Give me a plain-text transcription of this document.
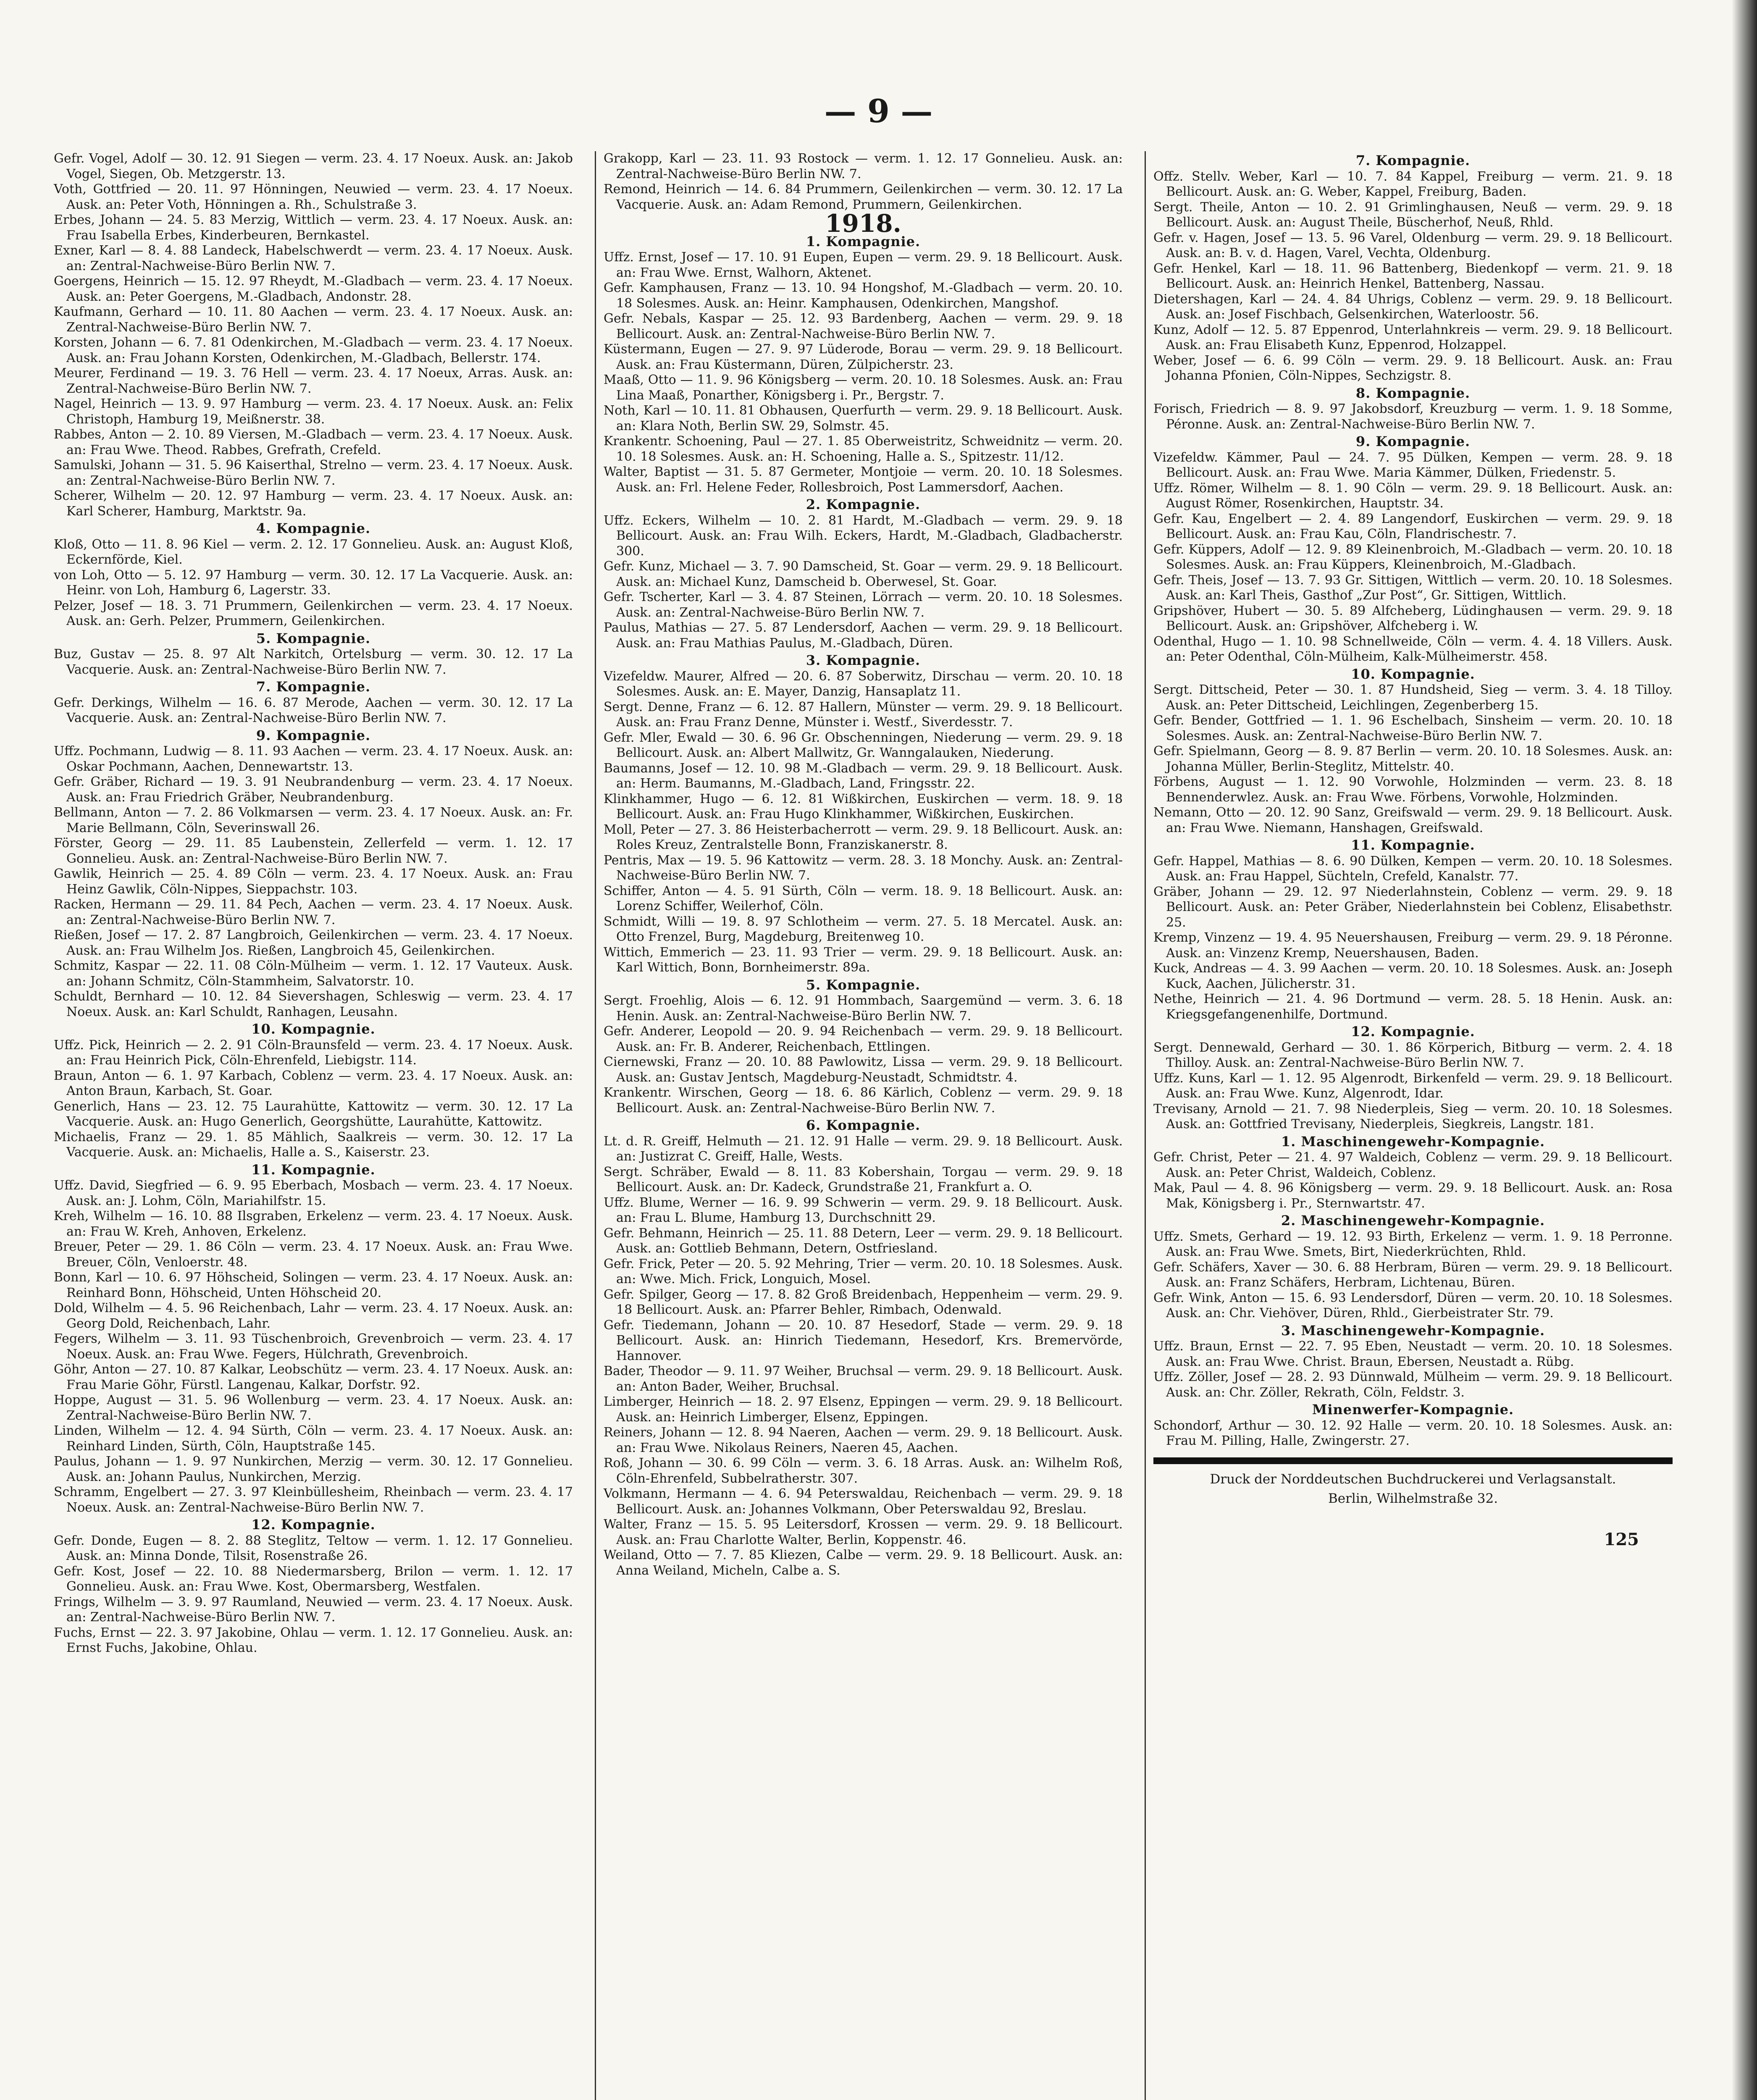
— 9 —
Gefr. Vogel, Adolf — 30. 12. 91 Siegen — verm. 23. 4. 17 Noeux. Ausk. an: Jakob Vogel, Siegen, Ob. Metzgerstr. 13.
Voth, Gottfried — 20. 11. 97 Hönningen, Neuwied — verm. 23. 4. 17 Noeux. Ausk. an: Peter Voth, Hönningen a. Rh., Schulstraße 3.
Erbes, Johann — 24. 5. 83 Merzig, Wittlich — verm. 23. 4. 17 Noeux. Ausk. an: Frau Isabella Erbes, Kinderbeuren, Bernkastel.
Exner, Karl — 8. 4. 88 Landeck, Habelschwerdt — verm. 23. 4. 17 Noeux. Ausk. an: Zentral-Nachweise-Büro Berlin NW. 7.
Goergens, Heinrich — 15. 12. 97 Rheydt, M.-Gladbach — verm. 23. 4. 17 Noeux. Ausk. an: Peter Goergens, M.-Gladbach, Andonstr. 28.
Kaufmann, Gerhard — 10. 11. 80 Aachen — verm. 23. 4. 17 Noeux. Ausk. an: Zentral-Nachweise-Büro Berlin NW. 7.
Korsten, Johann — 6. 7. 81 Odenkirchen, M.-Gladbach — verm. 23. 4. 17 Noeux. Ausk. an: Frau Johann Korsten, Odenkirchen, M.-Gladbach, Bellerstr. 174.
Meurer, Ferdinand — 19. 3. 76 Hell — verm. 23. 4. 17 Noeux, Arras. Ausk. an: Zentral-Nachweise-Büro Berlin NW. 7.
Nagel, Heinrich — 13. 9. 97 Hamburg — verm. 23. 4. 17 Noeux. Ausk. an: Felix Christoph, Hamburg 19, Meißnerstr. 38.
Rabbes, Anton — 2. 10. 89 Viersen, M.-Gladbach — verm. 23. 4. 17 Noeux. Ausk. an: Frau Wwe. Theod. Rabbes, Grefrath, Crefeld.
Samulski, Johann — 31. 5. 96 Kaiserthal, Strelno — verm. 23. 4. 17 Noeux. Ausk. an: Zentral-Nachweise-Büro Berlin NW. 7.
Scherer, Wilhelm — 20. 12. 97 Hamburg — verm. 23. 4. 17 Noeux. Ausk. an: Karl Scherer, Hamburg, Marktstr. 9a.
4. Kompagnie.
Kloß, Otto — 11. 8. 96 Kiel — verm. 2. 12. 17 Gonnelieu. Ausk. an: August Kloß, Eckernförde, Kiel.
von Loh, Otto — 5. 12. 97 Hamburg — verm. 30. 12. 17 La Vacquerie. Ausk. an: Heinr. von Loh, Hamburg 6, Lagerstr. 33.
Pelzer, Josef — 18. 3. 71 Prummern, Geilenkirchen — verm. 23. 4. 17 Noeux. Ausk. an: Gerh. Pelzer, Prummern, Geilenkirchen.
5. Kompagnie.
Buz, Gustav — 25. 8. 97 Alt Narkitch, Ortelsburg — verm. 30. 12. 17 La Vacquerie. Ausk. an: Zentral-Nachweise-Büro Berlin NW. 7.
7. Kompagnie.
Gefr. Derkings, Wilhelm — 16. 6. 87 Merode, Aachen — verm. 30. 12. 17 La Vacquerie. Ausk. an: Zentral-Nachweise-Büro Berlin NW. 7.
9. Kompagnie.
Uffz. Pochmann, Ludwig — 8. 11. 93 Aachen — verm. 23. 4. 17 Noeux. Ausk. an: Oskar Pochmann, Aachen, Dennewartstr. 13.
Gefr. Gräber, Richard — 19. 3. 91 Neubrandenburg — verm. 23. 4. 17 Noeux. Ausk. an: Frau Friedrich Gräber, Neubrandenburg.
Bellmann, Anton — 7. 2. 86 Volkmarsen — verm. 23. 4. 17 Noeux. Ausk. an: Fr. Marie Bellmann, Cöln, Severinswall 26.
Förster, Georg — 29. 11. 85 Laubenstein, Zellerfeld — verm. 1. 12. 17 Gonnelieu. Ausk. an: Zentral-Nachweise-Büro Berlin NW. 7.
Gawlik, Heinrich — 25. 4. 89 Cöln — verm. 23. 4. 17 Noeux. Ausk. an: Frau Heinz Gawlik, Cöln-Nippes, Sieppachstr. 103.
Racken, Hermann — 29. 11. 84 Pech, Aachen — verm. 23. 4. 17 Noeux. Ausk. an: Zentral-Nachweise-Büro Berlin NW. 7.
Rießen, Josef — 17. 2. 87 Langbroich, Geilenkirchen — verm. 23. 4. 17 Noeux. Ausk. an: Frau Wilhelm Jos. Rießen, Langbroich 45, Geilenkirchen.
Schmitz, Kaspar — 22. 11. 08 Cöln-Mülheim — verm. 1. 12. 17 Vauteux. Ausk. an: Johann Schmitz, Cöln-Stammheim, Salvatorstr. 10.
Schuldt, Bernhard — 10. 12. 84 Sievershagen, Schleswig — verm. 23. 4. 17 Noeux. Ausk. an: Karl Schuldt, Ranhagen, Leusahn.
10. Kompagnie.
Uffz. Pick, Heinrich — 2. 2. 91 Cöln-Braunsfeld — verm. 23. 4. 17 Noeux. Ausk. an: Frau Heinrich Pick, Cöln-Ehrenfeld, Liebigstr. 114.
Braun, Anton — 6. 1. 97 Karbach, Coblenz — verm. 23. 4. 17 Noeux. Ausk. an: Anton Braun, Karbach, St. Goar.
Generlich, Hans — 23. 12. 75 Laurahütte, Kattowitz — verm. 30. 12. 17 La Vacquerie. Ausk. an: Hugo Generlich, Georgshütte, Laurahütte, Kattowitz.
Michaelis, Franz — 29. 1. 85 Mählich, Saalkreis — verm. 30. 12. 17 La Vacquerie. Ausk. an: Michaelis, Halle a. S., Kaiserstr. 23.
11. Kompagnie.
Uffz. David, Siegfried — 6. 9. 95 Eberbach, Mosbach — verm. 23. 4. 17 Noeux. Ausk. an: J. Lohm, Cöln, Mariahilfstr. 15.
Kreh, Wilhelm — 16. 10. 88 Ilsgraben, Erkelenz — verm. 23. 4. 17 Noeux. Ausk. an: Frau W. Kreh, Anhoven, Erkelenz.
Breuer, Peter — 29. 1. 86 Cöln — verm. 23. 4. 17 Noeux. Ausk. an: Frau Wwe. Breuer, Cöln, Venloerstr. 48.
Bonn, Karl — 10. 6. 97 Höhscheid, Solingen — verm. 23. 4. 17 Noeux. Ausk. an: Reinhard Bonn, Höhscheid, Unten Höhscheid 20.
Dold, Wilhelm — 4. 5. 96 Reichenbach, Lahr — verm. 23. 4. 17 Noeux. Ausk. an: Georg Dold, Reichenbach, Lahr.
Fegers, Wilhelm — 3. 11. 93 Tüschenbroich, Grevenbroich — verm. 23. 4. 17 Noeux. Ausk. an: Frau Wwe. Fegers, Hülchrath, Grevenbroich.
Göhr, Anton — 27. 10. 87 Kalkar, Leobschütz — verm. 23. 4. 17 Noeux. Ausk. an: Frau Marie Göhr, Fürstl. Langenau, Kalkar, Dorfstr. 92.
Hoppe, August — 31. 5. 96 Wollenburg — verm. 23. 4. 17 Noeux. Ausk. an: Zentral-Nachweise-Büro Berlin NW. 7.
Linden, Wilhelm — 12. 4. 94 Sürth, Cöln — verm. 23. 4. 17 Noeux. Ausk. an: Reinhard Linden, Sürth, Cöln, Hauptstraße 145.
Paulus, Johann — 1. 9. 97 Nunkirchen, Merzig — verm. 30. 12. 17 Gonnelieu. Ausk. an: Johann Paulus, Nunkirchen, Merzig.
Schramm, Engelbert — 27. 3. 97 Kleinbüllesheim, Rheinbach — verm. 23. 4. 17 Noeux. Ausk. an: Zentral-Nachweise-Büro Berlin NW. 7.
12. Kompagnie.
Gefr. Donde, Eugen — 8. 2. 88 Steglitz, Teltow — verm. 1. 12. 17 Gonnelieu. Ausk. an: Minna Donde, Tilsit, Rosenstraße 26.
Gefr. Kost, Josef — 22. 10. 88 Niedermarsberg, Brilon — verm. 1. 12. 17 Gonnelieu. Ausk. an: Frau Wwe. Kost, Obermarsberg, Westfalen.
Frings, Wilhelm — 3. 9. 97 Raumland, Neuwied — verm. 23. 4. 17 Noeux. Ausk. an: Zentral-Nachweise-Büro Berlin NW. 7.
Fuchs, Ernst — 22. 3. 97 Jakobine, Ohlau — verm. 1. 12. 17 Gonnelieu. Ausk. an: Ernst Fuchs, Jakobine, Ohlau.
Grakopp, Karl — 23. 11. 93 Rostock — verm. 1. 12. 17 Gonnelieu. Ausk. an: Zentral-Nachweise-Büro Berlin NW. 7.
Remond, Heinrich — 14. 6. 84 Prummern, Geilenkirchen — verm. 30. 12. 17 La Vacquerie. Ausk. an: Adam Remond, Prummern, Geilenkirchen.
1918.
1. Kompagnie.
Uffz. Ernst, Josef — 17. 10. 91 Eupen, Eupen — verm. 29. 9. 18 Bellicourt. Ausk. an: Frau Wwe. Ernst, Walhorn, Aktenet.
Gefr. Kamphausen, Franz — 13. 10. 94 Hongshof, M.-Gladbach — verm. 20. 10. 18 Solesmes. Ausk. an: Heinr. Kamphausen, Odenkirchen, Mangshof.
Gefr. Nebals, Kaspar — 25. 12. 93 Bardenberg, Aachen — verm. 29. 9. 18 Bellicourt. Ausk. an: Zentral-Nachweise-Büro Berlin NW. 7.
Küstermann, Eugen — 27. 9. 97 Lüderode, Borau — verm. 29. 9. 18 Bellicourt. Ausk. an: Frau Küstermann, Düren, Zülpicherstr. 23.
Maaß, Otto — 11. 9. 96 Königsberg — verm. 20. 10. 18 Solesmes. Ausk. an: Frau Lina Maaß, Ponarther, Königsberg i. Pr., Bergstr. 7.
Noth, Karl — 10. 11. 81 Obhausen, Querfurth — verm. 29. 9. 18 Bellicourt. Ausk. an: Klara Noth, Berlin SW. 29, Solmstr. 45.
Krankentr. Schoening, Paul — 27. 1. 85 Oberweistritz, Schweidnitz — verm. 20. 10. 18 Solesmes. Ausk. an: H. Schoening, Halle a. S., Spitzestr. 11/12.
Walter, Baptist — 31. 5. 87 Germeter, Montjoie — verm. 20. 10. 18 Solesmes. Ausk. an: Frl. Helene Feder, Rollesbroich, Post Lammersdorf, Aachen.
2. Kompagnie.
Uffz. Eckers, Wilhelm — 10. 2. 81 Hardt, M.-Gladbach — verm. 29. 9. 18 Bellicourt. Ausk. an: Frau Wilh. Eckers, Hardt, M.-Gladbach, Gladbacherstr. 300.
Gefr. Kunz, Michael — 3. 7. 90 Damscheid, St. Goar — verm. 29. 9. 18 Bellicourt. Ausk. an: Michael Kunz, Damscheid b. Oberwesel, St. Goar.
Gefr. Tscherter, Karl — 3. 4. 87 Steinen, Lörrach — verm. 20. 10. 18 Solesmes. Ausk. an: Zentral-Nachweise-Büro Berlin NW. 7.
Paulus, Mathias — 27. 5. 87 Lendersdorf, Aachen — verm. 29. 9. 18 Bellicourt. Ausk. an: Frau Mathias Paulus, M.-Gladbach, Düren.
3. Kompagnie.
Vizefeldw. Maurer, Alfred — 20. 6. 87 Soberwitz, Dirschau — verm. 20. 10. 18 Solesmes. Ausk. an: E. Mayer, Danzig, Hansaplatz 11.
Sergt. Denne, Franz — 6. 12. 87 Hallern, Münster — verm. 29. 9. 18 Bellicourt. Ausk. an: Frau Franz Denne, Münster i. Westf., Siverdesstr. 7.
Gefr. Mler, Ewald — 30. 6. 96 Gr. Obschenningen, Niederung — verm. 29. 9. 18 Bellicourt. Ausk. an: Albert Mallwitz, Gr. Wanngalauken, Niederung.
Baumanns, Josef — 12. 10. 98 M.-Gladbach — verm. 29. 9. 18 Bellicourt. Ausk. an: Herm. Baumanns, M.-Gladbach, Land, Fringsstr. 22.
Klinkhammer, Hugo — 6. 12. 81 Wißkirchen, Euskirchen — verm. 18. 9. 18 Bellicourt. Ausk. an: Frau Hugo Klinkhammer, Wißkirchen, Euskirchen.
Moll, Peter — 27. 3. 86 Heisterbacherrott — verm. 29. 9. 18 Bellicourt. Ausk. an: Roles Kreuz, Zentralstelle Bonn, Franziskanerstr. 8.
Pentris, Max — 19. 5. 96 Kattowitz — verm. 28. 3. 18 Monchy. Ausk. an: Zentral-Nachweise-Büro Berlin NW. 7.
Schiffer, Anton — 4. 5. 91 Sürth, Cöln — verm. 18. 9. 18 Bellicourt. Ausk. an: Lorenz Schiffer, Weilerhof, Cöln.
Schmidt, Willi — 19. 8. 97 Schlotheim — verm. 27. 5. 18 Mercatel. Ausk. an: Otto Frenzel, Burg, Magdeburg, Breitenweg 10.
Wittich, Emmerich — 23. 11. 93 Trier — verm. 29. 9. 18 Bellicourt. Ausk. an: Karl Wittich, Bonn, Bornheimerstr. 89a.
5. Kompagnie.
Sergt. Froehlig, Alois — 6. 12. 91 Hommbach, Saargemünd — verm. 3. 6. 18 Henin. Ausk. an: Zentral-Nachweise-Büro Berlin NW. 7.
Gefr. Anderer, Leopold — 20. 9. 94 Reichenbach — verm. 29. 9. 18 Bellicourt. Ausk. an: Fr. B. Anderer, Reichenbach, Ettlingen.
Ciernewski, Franz — 20. 10. 88 Pawlowitz, Lissa — verm. 29. 9. 18 Bellicourt. Ausk. an: Gustav Jentsch, Magdeburg-Neustadt, Schmidtstr. 4.
Krankentr. Wirschen, Georg — 18. 6. 86 Kärlich, Coblenz — verm. 29. 9. 18 Bellicourt. Ausk. an: Zentral-Nachweise-Büro Berlin NW. 7.
6. Kompagnie.
Lt. d. R. Greiff, Helmuth — 21. 12. 91 Halle — verm. 29. 9. 18 Bellicourt. Ausk. an: Justizrat C. Greiff, Halle, Wests.
Sergt. Schräber, Ewald — 8. 11. 83 Kobershain, Torgau — verm. 29. 9. 18 Bellicourt. Ausk. an: Dr. Kadeck, Grundstraße 21, Frankfurt a. O.
Uffz. Blume, Werner — 16. 9. 99 Schwerin — verm. 29. 9. 18 Bellicourt. Ausk. an: Frau L. Blume, Hamburg 13, Durchschnitt 29.
Gefr. Behmann, Heinrich — 25. 11. 88 Detern, Leer — verm. 29. 9. 18 Bellicourt. Ausk. an: Gottlieb Behmann, Detern, Ostfriesland.
Gefr. Frick, Peter — 20. 5. 92 Mehring, Trier — verm. 20. 10. 18 Solesmes. Ausk. an: Wwe. Mich. Frick, Longuich, Mosel.
Gefr. Spilger, Georg — 17. 8. 82 Groß Breidenbach, Heppenheim — verm. 29. 9. 18 Bellicourt. Ausk. an: Pfarrer Behler, Rimbach, Odenwald.
Gefr. Tiedemann, Johann — 20. 10. 87 Hesedorf, Stade — verm. 29. 9. 18 Bellicourt. Ausk. an: Hinrich Tiedemann, Hesedorf, Krs. Bremervörde, Hannover.
Bader, Theodor — 9. 11. 97 Weiher, Bruchsal — verm. 29. 9. 18 Bellicourt. Ausk. an: Anton Bader, Weiher, Bruchsal.
Limberger, Heinrich — 18. 2. 97 Elsenz, Eppingen — verm. 29. 9. 18 Bellicourt. Ausk. an: Heinrich Limberger, Elsenz, Eppingen.
Reiners, Johann — 12. 8. 94 Naeren, Aachen — verm. 29. 9. 18 Bellicourt. Ausk. an: Frau Wwe. Nikolaus Reiners, Naeren 45, Aachen.
Roß, Johann — 30. 6. 99 Cöln — verm. 3. 6. 18 Arras. Ausk. an: Wilhelm Roß, Cöln-Ehrenfeld, Subbelratherstr. 307.
Volkmann, Hermann — 4. 6. 94 Peterswaldau, Reichenbach — verm. 29. 9. 18 Bellicourt. Ausk. an: Johannes Volkmann, Ober Peterswaldau 92, Breslau.
Walter, Franz — 15. 5. 95 Leitersdorf, Krossen — verm. 29. 9. 18 Bellicourt. Ausk. an: Frau Charlotte Walter, Berlin, Koppenstr. 46.
Weiland, Otto — 7. 7. 85 Kliezen, Calbe — verm. 29. 9. 18 Bellicourt. Ausk. an: Anna Weiland, Micheln, Calbe a. S.
7. Kompagnie.
Offz. Stellv. Weber, Karl — 10. 7. 84 Kappel, Freiburg — verm. 21. 9. 18 Bellicourt. Ausk. an: G. Weber, Kappel, Freiburg, Baden.
Sergt. Theile, Anton — 10. 2. 91 Grimlinghausen, Neuß — verm. 29. 9. 18 Bellicourt. Ausk. an: August Theile, Büscherhof, Neuß, Rhld.
Gefr. v. Hagen, Josef — 13. 5. 96 Varel, Oldenburg — verm. 29. 9. 18 Bellicourt. Ausk. an: B. v. d. Hagen, Varel, Vechta, Oldenburg.
Gefr. Henkel, Karl — 18. 11. 96 Battenberg, Biedenkopf — verm. 21. 9. 18 Bellicourt. Ausk. an: Heinrich Henkel, Battenberg, Nassau.
Dietershagen, Karl — 24. 4. 84 Uhrigs, Coblenz — verm. 29. 9. 18 Bellicourt. Ausk. an: Josef Fischbach, Gelsenkirchen, Waterloostr. 56.
Kunz, Adolf — 12. 5. 87 Eppenrod, Unterlahnkreis — verm. 29. 9. 18 Bellicourt. Ausk. an: Frau Elisabeth Kunz, Eppenrod, Holzappel.
Weber, Josef — 6. 6. 99 Cöln — verm. 29. 9. 18 Bellicourt. Ausk. an: Frau Johanna Pfonien, Cöln-Nippes, Sechzigstr. 8.
8. Kompagnie.
Forisch, Friedrich — 8. 9. 97 Jakobsdorf, Kreuzburg — verm. 1. 9. 18 Somme, Péronne. Ausk. an: Zentral-Nachweise-Büro Berlin NW. 7.
9. Kompagnie.
Vizefeldw. Kämmer, Paul — 24. 7. 95 Dülken, Kempen — verm. 28. 9. 18 Bellicourt. Ausk. an: Frau Wwe. Maria Kämmer, Dülken, Friedenstr. 5.
Uffz. Römer, Wilhelm — 8. 1. 90 Cöln — verm. 29. 9. 18 Bellicourt. Ausk. an: August Römer, Rosenkirchen, Hauptstr. 34.
Gefr. Kau, Engelbert — 2. 4. 89 Langendorf, Euskirchen — verm. 29. 9. 18 Bellicourt. Ausk. an: Frau Kau, Cöln, Flandrischestr. 7.
Gefr. Küppers, Adolf — 12. 9. 89 Kleinenbroich, M.-Gladbach — verm. 20. 10. 18 Solesmes. Ausk. an: Frau Küppers, Kleinenbroich, M.-Gladbach.
Gefr. Theis, Josef — 13. 7. 93 Gr. Sittigen, Wittlich — verm. 20. 10. 18 Solesmes. Ausk. an: Karl Theis, Gasthof „Zur Post“, Gr. Sittigen, Wittlich.
Gripshöver, Hubert — 30. 5. 89 Alfcheberg, Lüdinghausen — verm. 29. 9. 18 Bellicourt. Ausk. an: Gripshöver, Alfcheberg i. W.
Odenthal, Hugo — 1. 10. 98 Schnellweide, Cöln — verm. 4. 4. 18 Villers. Ausk. an: Peter Odenthal, Cöln-Mülheim, Kalk-Mülheimerstr. 458.
10. Kompagnie.
Sergt. Dittscheid, Peter — 30. 1. 87 Hundsheid, Sieg — verm. 3. 4. 18 Tilloy. Ausk. an: Peter Dittscheid, Leichlingen, Zegenberberg 15.
Gefr. Bender, Gottfried — 1. 1. 96 Eschelbach, Sinsheim — verm. 20. 10. 18 Solesmes. Ausk. an: Zentral-Nachweise-Büro Berlin NW. 7.
Gefr. Spielmann, Georg — 8. 9. 87 Berlin — verm. 20. 10. 18 Solesmes. Ausk. an: Johanna Müller, Berlin-Steglitz, Mittelstr. 40.
Förbens, August — 1. 12. 90 Vorwohle, Holzminden — verm. 23. 8. 18 Bennenderwlez. Ausk. an: Frau Wwe. Förbens, Vorwohle, Holzminden.
Nemann, Otto — 20. 12. 90 Sanz, Greifswald — verm. 29. 9. 18 Bellicourt. Ausk. an: Frau Wwe. Niemann, Hanshagen, Greifswald.
11. Kompagnie.
Gefr. Happel, Mathias — 8. 6. 90 Dülken, Kempen — verm. 20. 10. 18 Solesmes. Ausk. an: Frau Happel, Süchteln, Crefeld, Kanalstr. 77.
Gräber, Johann — 29. 12. 97 Niederlahnstein, Coblenz — verm. 29. 9. 18 Bellicourt. Ausk. an: Peter Gräber, Niederlahnstein bei Coblenz, Elisabethstr. 25.
Kremp, Vinzenz — 19. 4. 95 Neuershausen, Freiburg — verm. 29. 9. 18 Péronne. Ausk. an: Vinzenz Kremp, Neuershausen, Baden.
Kuck, Andreas — 4. 3. 99 Aachen — verm. 20. 10. 18 Solesmes. Ausk. an: Joseph Kuck, Aachen, Jülicherstr. 31.
Nethe, Heinrich — 21. 4. 96 Dortmund — verm. 28. 5. 18 Henin. Ausk. an: Kriegsgefangenenhilfe, Dortmund.
12. Kompagnie.
Sergt. Dennewald, Gerhard — 30. 1. 86 Körperich, Bitburg — verm. 2. 4. 18 Thilloy. Ausk. an: Zentral-Nachweise-Büro Berlin NW. 7.
Uffz. Kuns, Karl — 1. 12. 95 Algenrodt, Birkenfeld — verm. 29. 9. 18 Bellicourt. Ausk. an: Frau Wwe. Kunz, Algenrodt, Idar.
Trevisany, Arnold — 21. 7. 98 Niederpleis, Sieg — verm. 20. 10. 18 Solesmes. Ausk. an: Gottfried Trevisany, Niederpleis, Siegkreis, Langstr. 181.
1. Maschinengewehr-Kompagnie.
Gefr. Christ, Peter — 21. 4. 97 Waldeich, Coblenz — verm. 29. 9. 18 Bellicourt. Ausk. an: Peter Christ, Waldeich, Coblenz.
Mak, Paul — 4. 8. 96 Königsberg — verm. 29. 9. 18 Bellicourt. Ausk. an: Rosa Mak, Königsberg i. Pr., Sternwartstr. 47.
2. Maschinengewehr-Kompagnie.
Uffz. Smets, Gerhard — 19. 12. 93 Birth, Erkelenz — verm. 1. 9. 18 Perronne. Ausk. an: Frau Wwe. Smets, Birt, Niederkrüchten, Rhld.
Gefr. Schäfers, Xaver — 30. 6. 88 Herbram, Büren — verm. 29. 9. 18 Bellicourt. Ausk. an: Franz Schäfers, Herbram, Lichtenau, Büren.
Gefr. Wink, Anton — 15. 6. 93 Lendersdorf, Düren — verm. 20. 10. 18 Solesmes. Ausk. an: Chr. Viehöver, Düren, Rhld., Gierbeistrater Str. 79.
3. Maschinengewehr-Kompagnie.
Uffz. Braun, Ernst — 22. 7. 95 Eben, Neustadt — verm. 20. 10. 18 Solesmes. Ausk. an: Frau Wwe. Christ. Braun, Ebersen, Neustadt a. Rübg.
Uffz. Zöller, Josef — 28. 2. 93 Dünnwald, Mülheim — verm. 29. 9. 18 Bellicourt. Ausk. an: Chr. Zöller, Rekrath, Cöln, Feldstr. 3.
Minenwerfer-Kompagnie.
Schondorf, Arthur — 30. 12. 92 Halle — verm. 20. 10. 18 Solesmes. Ausk. an: Frau M. Pilling, Halle, Zwingerstr. 27.
Druck der Norddeutschen Buchdruckerei und Verlagsanstalt.
Berlin, Wilhelmstraße 32.
125
